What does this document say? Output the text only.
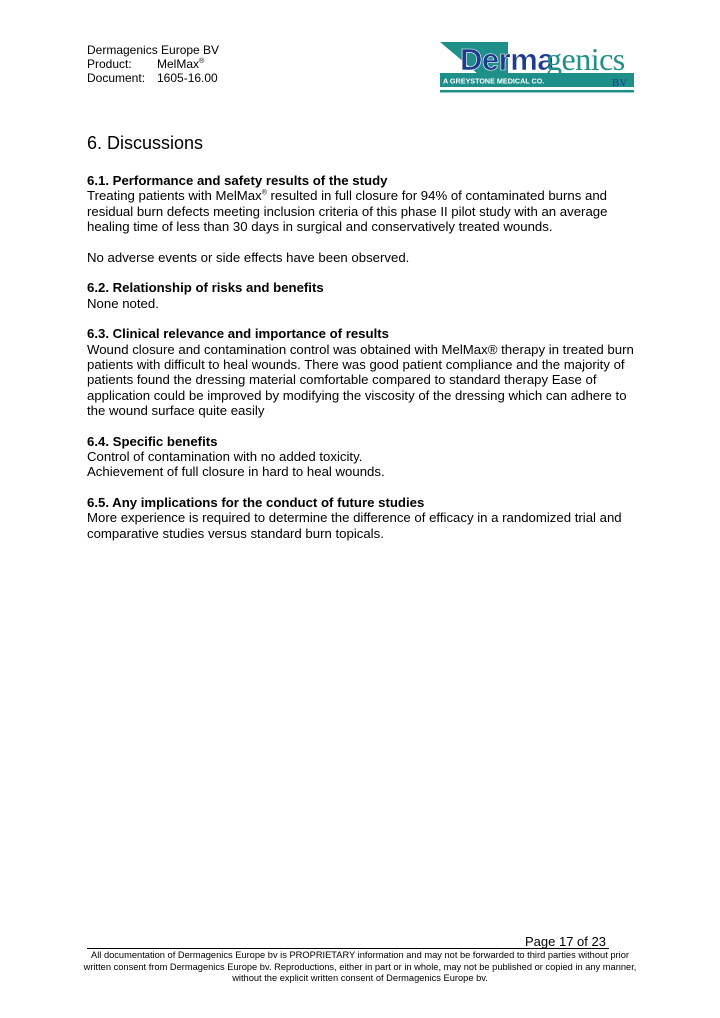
Dermagenics Europe BV
Product:	MelMax®
Document: 1605-16.00
Derma
genics
A GREYSTONE MEDICAL CO.	BV
6. Discussions
6.1. Performance and safety results of the study

Treating patients with MelMax® resulted in full closure for 94% of contaminated burns and residual burn defects meeting inclusion criteria of this phase II pilot study with an average healing time of less than 30 days in surgical and conservatively treated wounds.

No adverse events or side effects have been observed.

6.2. Relationship of risks and benefits

None noted.

6.3. Clinical relevance and importance of results

Wound closure and contamination control was obtained with MelMax® therapy in treated burn patients with difficult to heal wounds. There was good patient compliance and the majority of patients found the dressing material comfortable compared to standard therapy Ease of application could be improved by modifying the viscosity of the dressing which can adhere to the wound surface quite easily

6.4. Specific benefits

Control of contamination with no added toxicity.

Achievement of full closure in hard to heal wounds.

6.5. Any implications for the conduct of future studies

More experience is required to determine the difference of efficacy in a randomized trial and comparative studies versus standard burn topicals.

Page 17 of 23
All documentation of Dermagenics Europe bv is PROPRIETARY information and may not be forwarded to third parties without prior written consent from Dermagenics Europe bv. Reproductions, either in part or in whole, may not be published or copied in any manner, without the explicit written consent of Dermagenics Europe bv.
